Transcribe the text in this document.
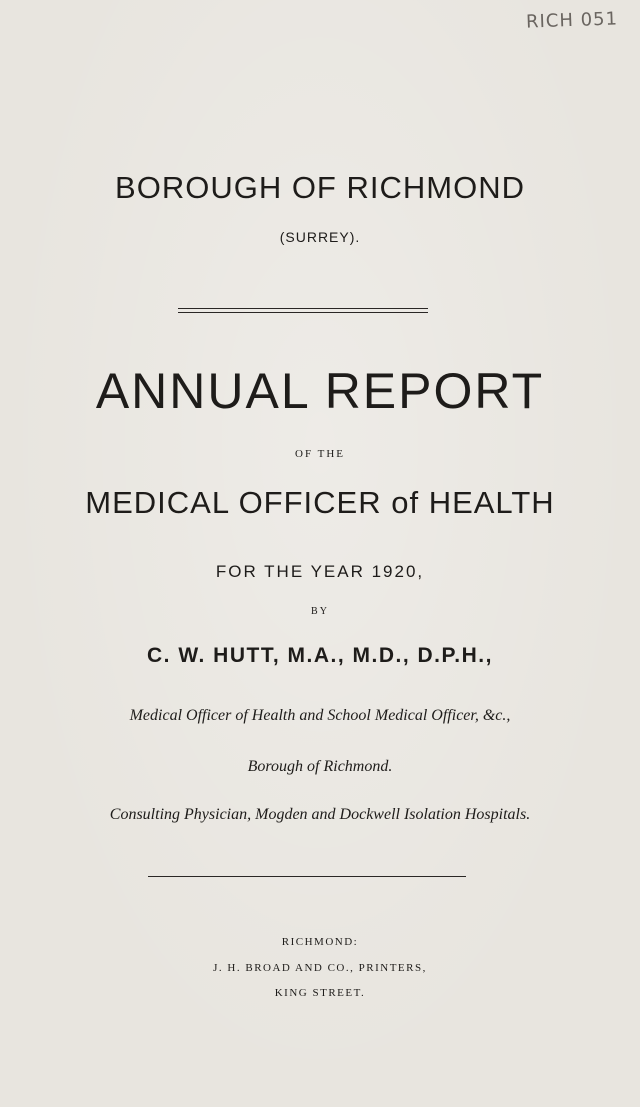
RICH 051
BOROUGH OF RICHMOND
(SURREY).
ANNUAL REPORT
OF THE
MEDICAL OFFICER of HEALTH
FOR THE YEAR 1920,
BY
C. W. HUTT, M.A., M.D., D.P.H.,
Medical Officer of Health and School Medical Officer, &c.,
Borough of Richmond.
Consulting Physician, Mogden and Dockwell Isolation Hospitals.
RICHMOND:
J. H. BROAD AND CO., PRINTERS,
KING STREET.
